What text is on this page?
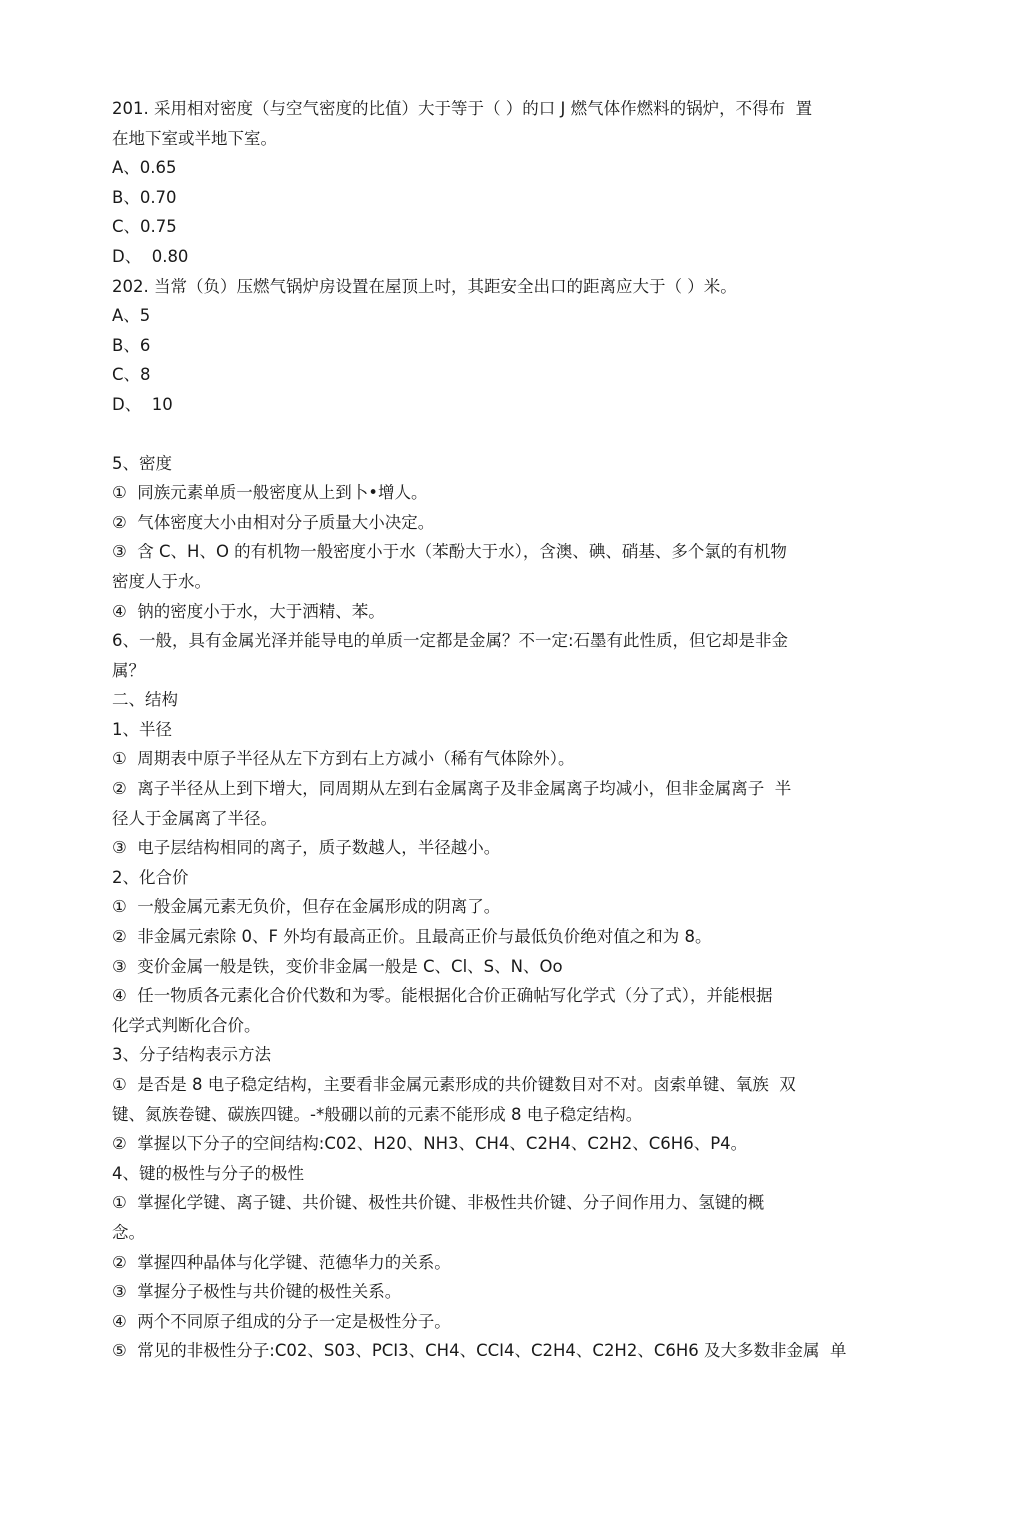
201. 采用相对密度（与空气密度的比值）大于等于（ ）的口 J 燃气体作燃料的锅炉，不得布  置
在地下室或半地下室。
A、0.65
B、0.70
C、0.75
D、  0.80
202. 当常（负）压燃气锅炉房设置在屋顶上吋，其距安全出口的距离应大于（ ）米。
A、5
B、6
C、8
D、  10
5、密度
①  同族元素单质一般密度从上到卜•增人。
②  气体密度大小由相对分子质量大小决定。
③  含 C、H、O 的有机物一般密度小于水（苯酚大于水），含澳、碘、硝基、多个氯的有机物
密度人于水。
④  钠的密度小于水，大于洒精、苯。
6、一般，具有金属光泽并能导电的单质一定都是金属？不一定:石墨有此性质，但它却是非金
属？
二、结构
1、半径
①  周期表中原子半径从左下方到右上方减小（稀有气体除外）。
②  离子半径从上到下增大，同周期从左到右金属离子及非金属离子均减小，但非金属离子  半
径人于金属离了半径。
③  电子层结构相同的离子，质子数越人，半径越小。
2、化合价
①  一般金属元素无负价，但存在金属形成的阴离了。
②  非金属元索除 0、F 外均有最高正价。且最高正价与最低负价绝对值之和为 8。
③  变价金属一般是铁，变价非金属一般是 C、Cl、S、N、Oo
④  任一物质各元素化合价代数和为零。能根据化合价正确帖写化学式（分了式），并能根据
化学式判断化合价。
3、分子结构表示方法
①  是否是 8 电子稳定结构，主要看非金属元素形成的共价键数目对不对。卤索单键、氧族  双
键、氮族卷键、碳族四键。-*般硼以前的元素不能形成 8 电子稳定结构。
②  掌握以下分子的空间结构:C02、H20、NH3、CH4、C2H4、C2H2、C6H6、P4。
4、键的极性与分子的极性
①  掌握化学键、离子键、共价键、极性共价键、非极性共价键、分子间作用力、氢键的概
念。
②  掌握四种晶体与化学键、范德华力的关系。
③  掌握分子极性与共价键的极性关系。
④  两个不同原子组成的分子一定是极性分子。
⑤  常见的非极性分子:C02、S03、PCI3、CH4、CCI4、C2H4、C2H2、C6H6 及大多数非金属  单
